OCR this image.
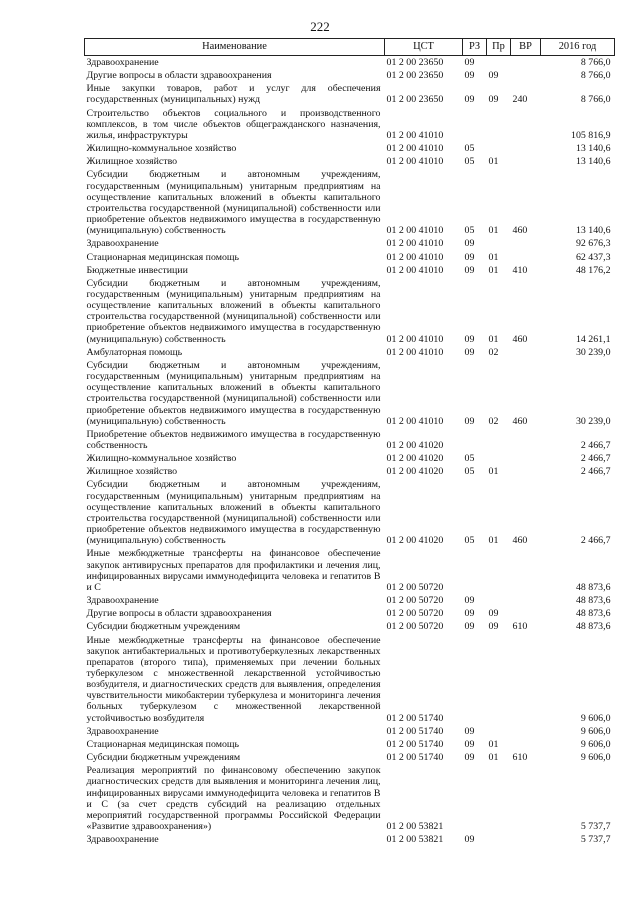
222
Наименование	ЦСТ	РЗ	Пр	ВР	2016 год
Здравоохранение	01 2 00 23650	09			8 766,0
Другие вопросы в области здравоохранения	01 2 00 23650	09	09		8 766,0
Иные закупки товаров, работ и услуг для обеспечения государственных (муниципальных) нужд	01 2 00 23650	09	09	240	8 766,0
Строительство объектов социального и производственного комплексов, в том числе объектов общегражданского назначения, жилья, инфраструктуры	01 2 00 41010				105 816,9
Жилищно-коммунальное хозяйство	01 2 00 41010	05			13 140,6
Жилищное хозяйство	01 2 00 41010	05	01		13 140,6
Субсидии бюджетным и автономным учреждениям, государственным (муниципальным) унитарным предприятиям на осуществление капитальных вложений в объекты капитального строительства государственной (муниципальной) собственности или приобретение объектов недвижимого имущества в государственную (муниципальную) собственность	01 2 00 41010	05	01	460	13 140,6
Здравоохранение	01 2 00 41010	09			92 676,3
Стационарная медицинская помощь	01 2 00 41010	09	01		62 437,3
Бюджетные инвестиции	01 2 00 41010	09	01	410	48 176,2
Субсидии бюджетным и автономным учреждениям, государственным (муниципальным) унитарным предприятиям на осуществление капитальных вложений в объекты капитального строительства государственной (муниципальной) собственности или приобретение объектов недвижимого имущества в государственную (муниципальную) собственность	01 2 00 41010	09	01	460	14 261,1
Амбулаторная помощь	01 2 00 41010	09	02		30 239,0
Субсидии бюджетным и автономным учреждениям, государственным (муниципальным) унитарным предприятиям на осуществление капитальных вложений в объекты капитального строительства государственной (муниципальной) собственности или приобретение объектов недвижимого имущества в государственную (муниципальную) собственность	01 2 00 41010	09	02	460	30 239,0
Приобретение объектов недвижимого имущества в государственную собственность	01 2 00 41020				2 466,7
Жилищно-коммунальное хозяйство	01 2 00 41020	05			2 466,7
Жилищное хозяйство	01 2 00 41020	05	01		2 466,7
Субсидии бюджетным и автономным учреждениям, государственным (муниципальным) унитарным предприятиям на осуществление капитальных вложений в объекты капитального строительства государственной (муниципальной) собственности или приобретение объектов недвижимого имущества в государственную (муниципальную) собственность	01 2 00 41020	05	01	460	2 466,7
Иные межбюджетные трансферты на финансовое обеспечение закупок антивирусных препаратов для профилактики и лечения лиц, инфицированных вирусами иммунодефицита человека и гепатитов В и С	01 2 00 50720				48 873,6
Здравоохранение	01 2 00 50720	09			48 873,6
Другие вопросы в области здравоохранения	01 2 00 50720	09	09		48 873,6
Субсидии бюджетным учреждениям	01 2 00 50720	09	09	610	48 873,6
Иные межбюджетные трансферты на финансовое обеспечение закупок антибактериальных и противотуберкулезных лекарственных препаратов (второго типа), применяемых при лечении больных туберкулезом с множественной лекарственной устойчивостью возбудителя, и диагностических средств для выявления, определения чувствительности микобактерии туберкулеза и мониторинга лечения больных туберкулезом с множественной лекарственной устойчивостью возбудителя	01 2 00 51740				9 606,0
Здравоохранение	01 2 00 51740	09			9 606,0
Стационарная медицинская помощь	01 2 00 51740	09	01		9 606,0
Субсидии бюджетным учреждениям	01 2 00 51740	09	01	610	9 606,0
Реализация мероприятий по финансовому обеспечению закупок диагностических средств для выявления и мониторинга лечения лиц, инфицированных вирусами иммунодефицита человека и гепатитов В и С (за счет средств субсидий на реализацию отдельных мероприятий государственной программы Российской Федерации «Развитие здравоохранения»)	01 2 00 53821				5 737,7
Здравоохранение	01 2 00 53821	09			5 737,7
